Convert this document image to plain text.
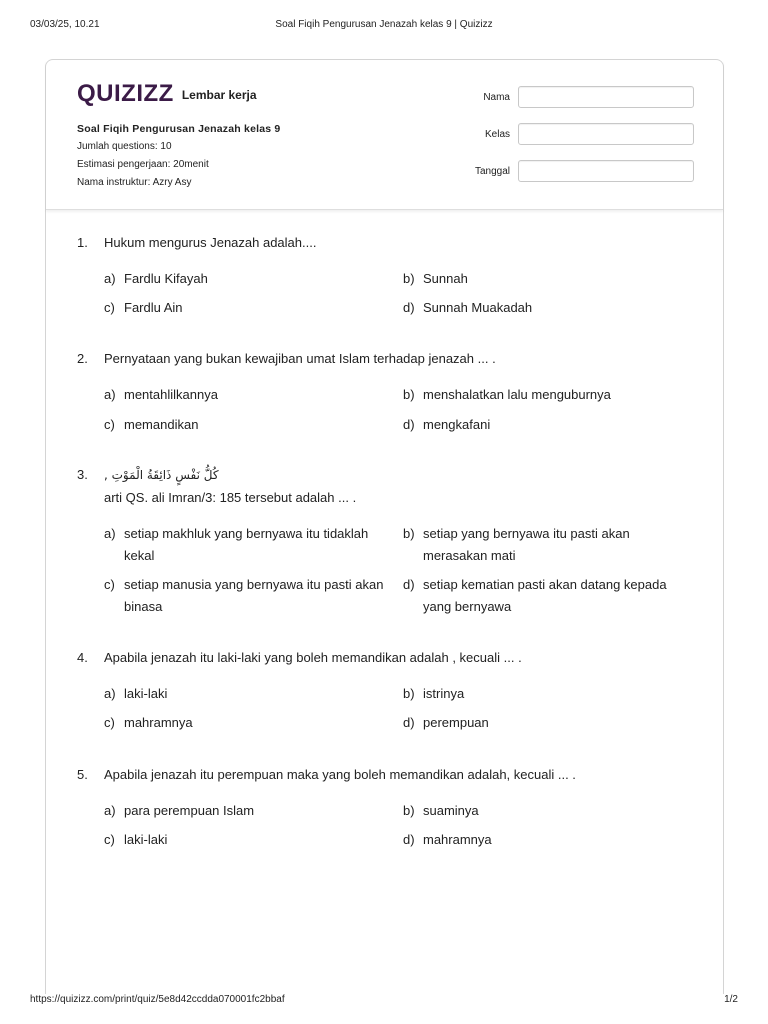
03/03/25, 10.21	Soal Fiqih Pengurusan Jenazah kelas 9 | Quizizz
QUIZIZZ Lembar kerja
Soal Fiqih Pengurusan Jenazah kelas 9
Jumlah questions: 10
Estimasi pengerjaan: 20menit
Nama instruktur: Azry Asy
Nama
Kelas
Tanggal
1. Hukum mengurus Jenazah adalah....
a) Fardlu Kifayah	b) Sunnah
c) Fardlu Ain	d) Sunnah Muakadah
2. Pernyataan yang bukan kewajiban umat Islam terhadap jenazah ... .
a) mentahlilkannya	b) menshalatkan lalu menguburnya
c) memandikan	d) mengkafani
3. كُلُّ نَفْسٍ ذَائِقَةُ الْمَوْتِ ,
arti QS. ali Imran/3: 185 tersebut adalah ... .
a) setiap makhluk yang bernyawa itu tidaklah kekal
b) setiap yang bernyawa itu pasti akan merasakan mati
c) setiap manusia yang bernyawa itu pasti akan binasa
d) setiap kematian pasti akan datang kepada yang bernyawa
4. Apabila jenazah itu laki-laki yang boleh memandikan adalah , kecuali ... .
a) laki-laki	b) istrinya
c) mahramnya	d) perempuan
5. Apabila jenazah itu perempuan maka yang boleh memandikan adalah, kecuali ... .
a) para perempuan Islam	b) suaminya
c) laki-laki	d) mahramnya
https://quizizz.com/print/quiz/5e8d42ccdda070001fc2bbaf	1/2
